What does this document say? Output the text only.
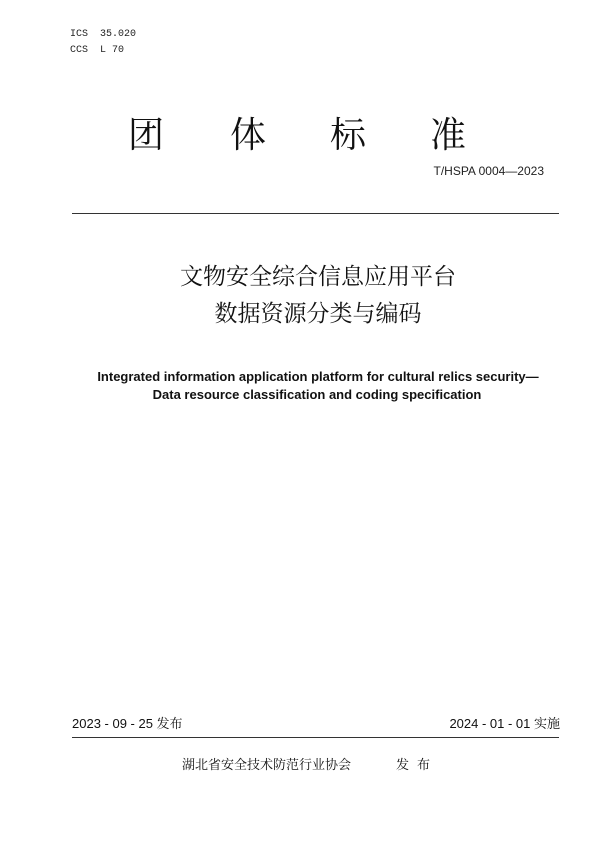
ICS  35.020
CCS  L 70
团 体 标 准
T/HSPA 0004—2023
文物安全综合信息应用平台
数据资源分类与编码
Integrated information application platform for cultural relics security—
Data resource classification and coding specification
2023 - 09 - 25 发布	2024 - 01 - 01 实施
湖北省安全技术防范行业协会	发布
